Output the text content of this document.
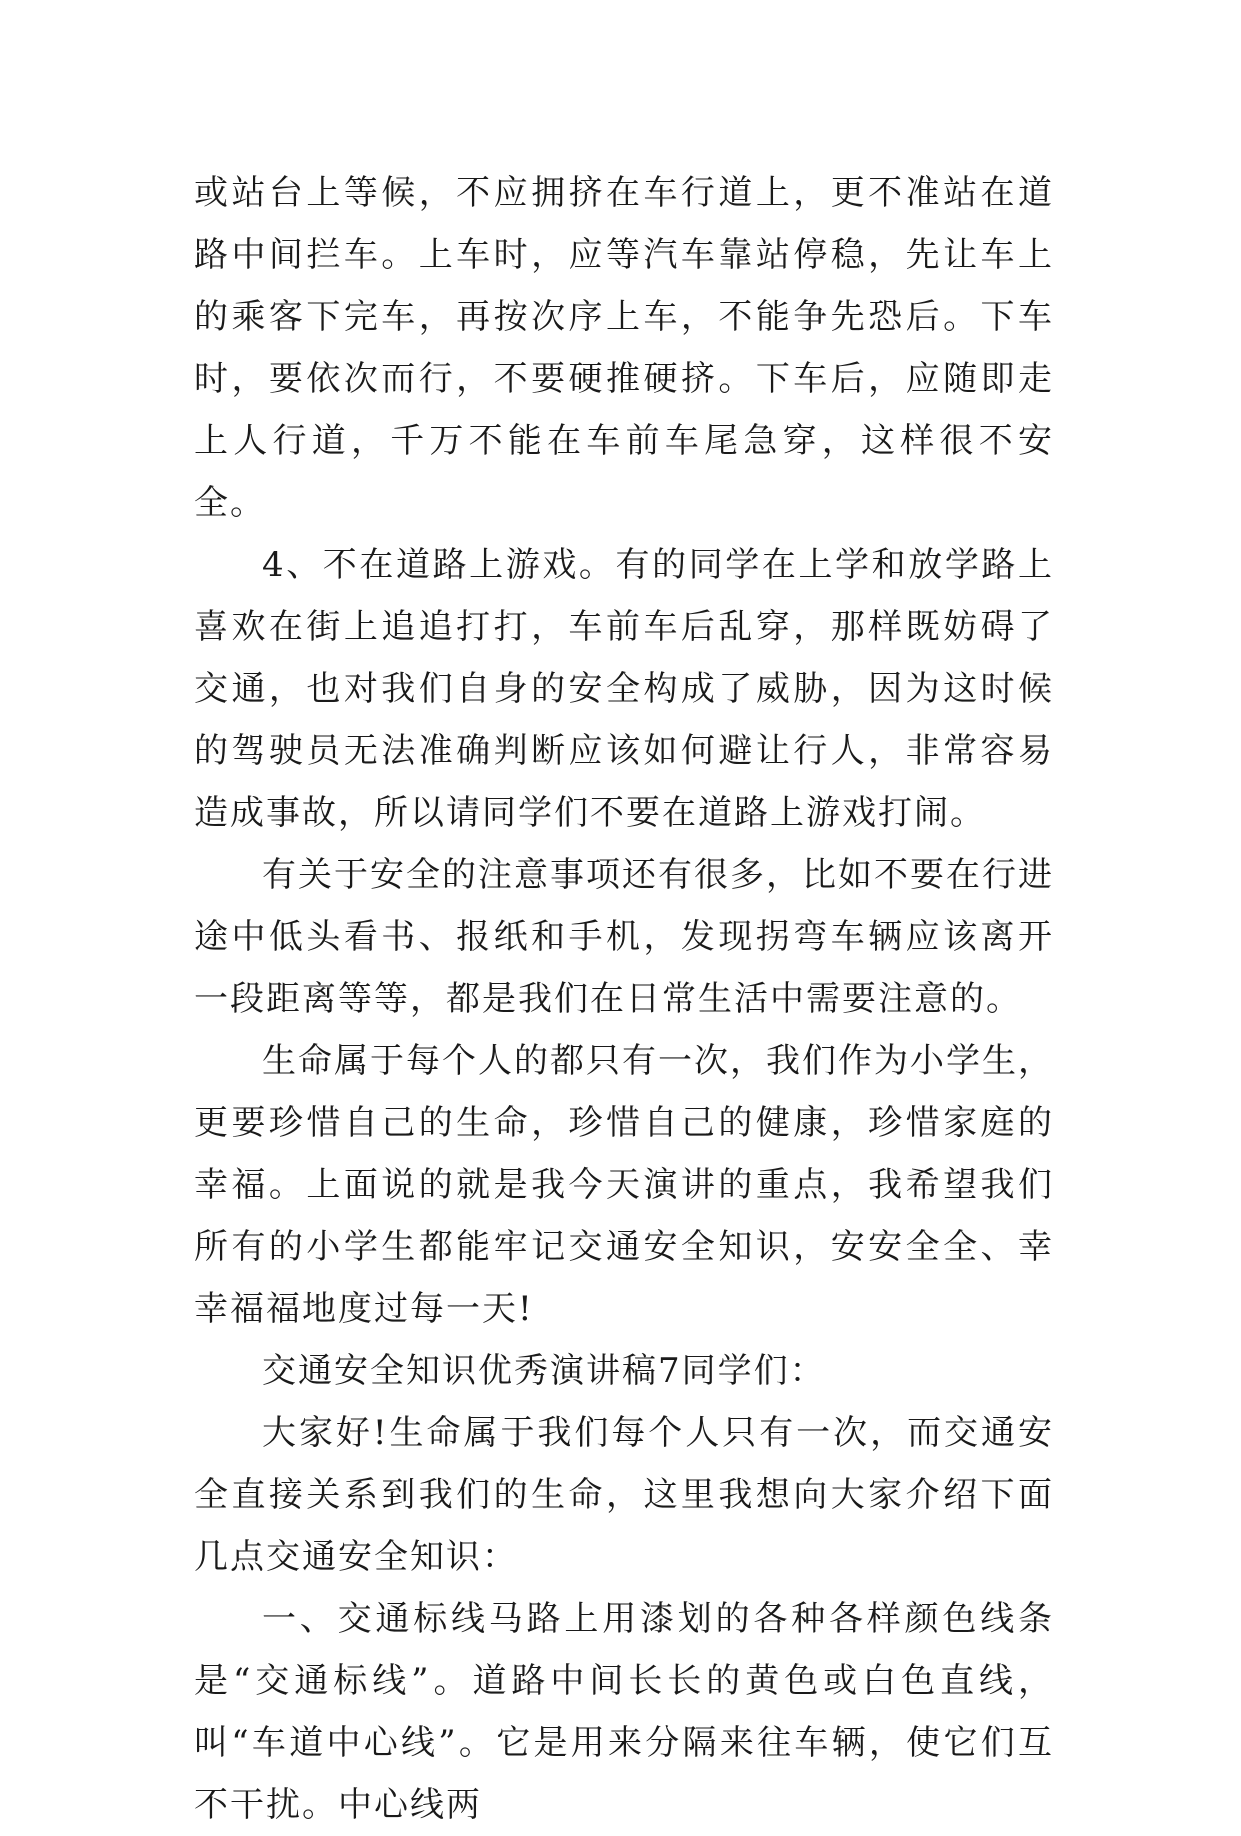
或站台上等候，不应拥挤在车行道上，更不准站在道路中间拦车。上车时，应等汽车靠站停稳，先让车上的乘客下完车，再按次序上车，不能争先恐后。下车时，要依次而行，不要硬推硬挤。下车后，应随即走上人行道，千万不能在车前车尾急穿，这样很不安全。

4、不在道路上游戏。有的同学在上学和放学路上喜欢在街上追追打打，车前车后乱穿，那样既妨碍了交通，也对我们自身的安全构成了威胁，因为这时候的驾驶员无法准确判断应该如何避让行人，非常容易造成事故，所以请同学们不要在道路上游戏打闹。

有关于安全的注意事项还有很多，比如不要在行进途中低头看书、报纸和手机，发现拐弯车辆应该离开一段距离等等，都是我们在日常生活中需要注意的。

生命属于每个人的都只有一次，我们作为小学生，更要珍惜自己的生命，珍惜自己的健康，珍惜家庭的幸福。上面说的就是我今天演讲的重点，我希望我们所有的小学生都能牢记交通安全知识，安安全全、幸幸福福地度过每一天!

交通安全知识优秀演讲稿7同学们：

大家好!生命属于我们每个人只有一次，而交通安全直接关系到我们的生命，这里我想向大家介绍下面几点交通安全知识：

一、交通标线马路上用漆划的各种各样颜色线条是“交通标线”。道路中间长长的黄色或白色直线，叫“车道中心线”。它是用来分隔来往车辆，使它们互不干扰。中心线两
